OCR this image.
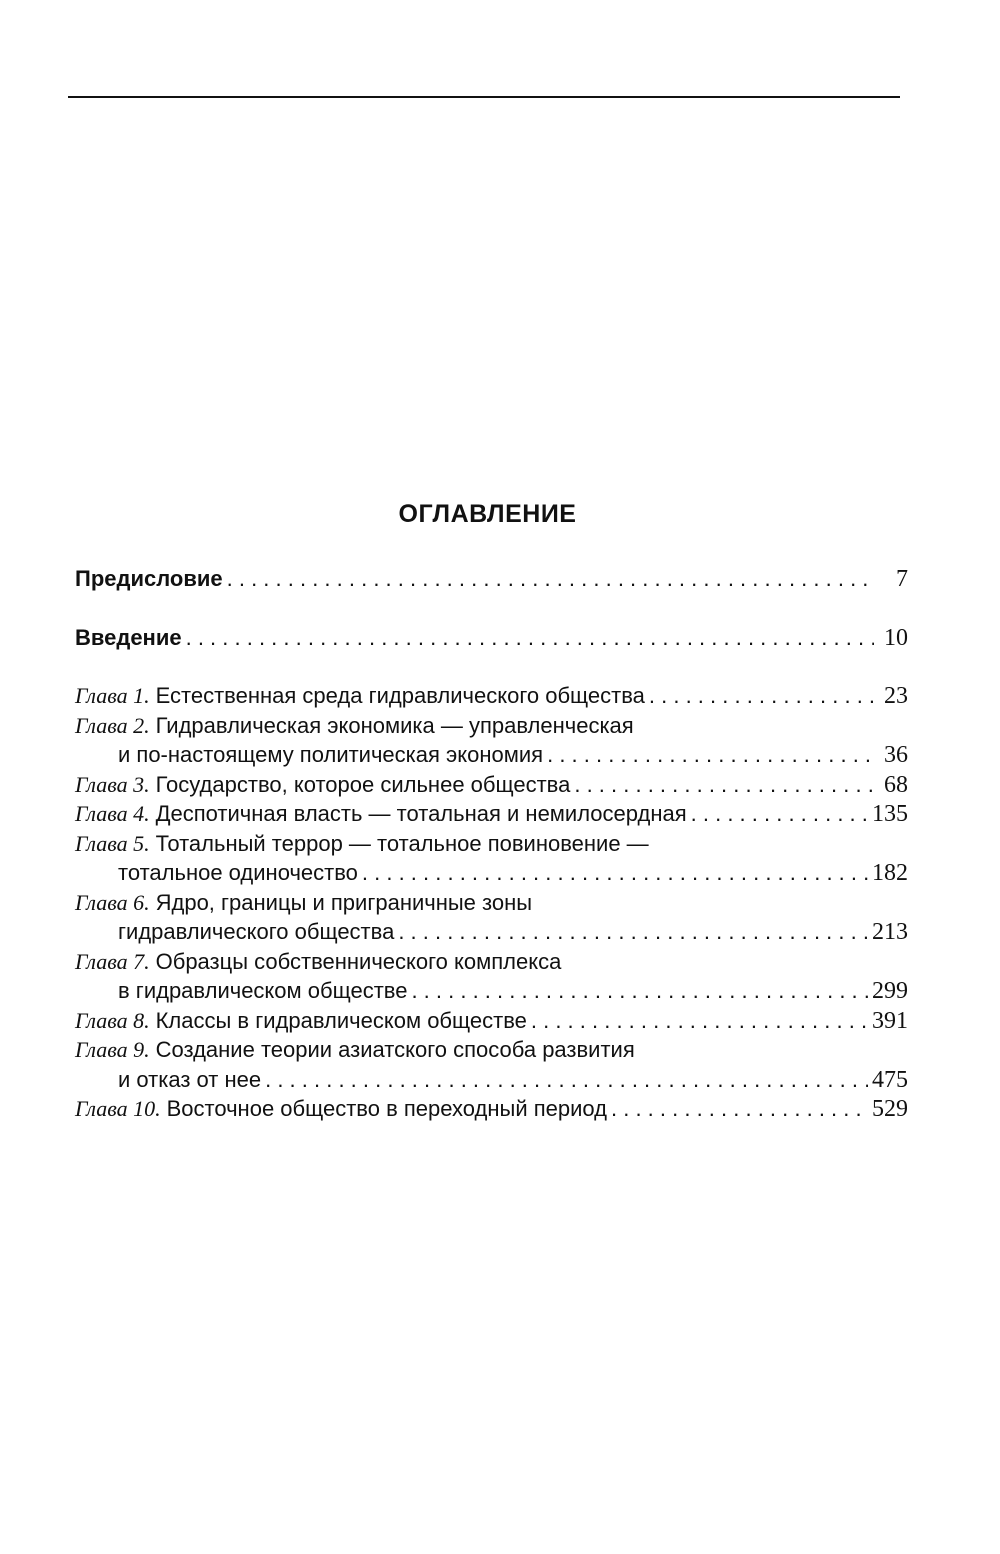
ОГЛАВЛЕНИЕ
Предисловие . . .	7
Введение . . .	10
Глава 1. Естественная среда гидравлического общества . . .	23
Глава 2. Гидравлическая экономика — управленческая
и по-настоящему политическая экономия . . .	36
Глава 3. Государство, которое сильнее общества . . .	68
Глава 4. Деспотичная власть — тотальная и немилосердная . . .	135
Глава 5. Тотальный террор — тотальное повиновение —
тотальное одиночество . . .	182
Глава 6. Ядро, границы и приграничные зоны
гидравлического общества . . .	213
Глава 7. Образцы собственнического комплекса
в гидравлическом обществе . . .	299
Глава 8. Классы в гидравлическом обществе . . .	391
Глава 9. Создание теории азиатского способа развития
и отказ от нее . . .	475
Глава 10. Восточное общество в переходный период . . .	529
